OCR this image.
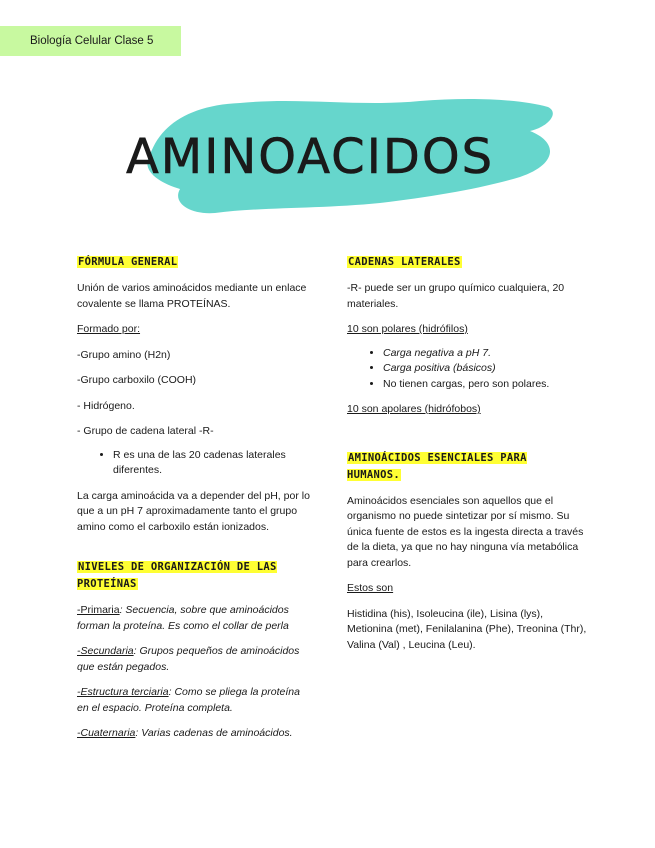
Biología Celular Clase 5
AMINOACIDOS
FÓRMULA GENERAL

Unión de varios aminoácidos mediante un enlace covalente se llama PROTEÍNAS.

Formado por:

-Grupo amino (H2n)

-Grupo carboxilo (COOH)

- Hidrógeno.

- Grupo de cadena lateral -R-

• R es una de las 20 cadenas laterales diferentes.

La carga aminoácida va a depender del pH, por lo que a un pH 7 aproximadamente tanto el grupo amino como el carboxilo están ionizados.

NIVELES DE ORGANIZACIÓN DE LAS PROTEÍNAS

-Primaria: Secuencia, sobre que aminoácidos forman la proteína. Es como el collar de perla

-Secundaria: Grupos pequeños de aminoácidos que están pegados.

-Estructura terciaria: Como se pliega la proteína en el espacio. Proteína completa.

-Cuaternaria: Varias cadenas de aminoácidos.

CADENAS LATERALES

-R- puede ser un grupo químico cualquiera, 20 materiales.

10 son polares (hidrófilos)

• Carga negativa a pH 7.
• Carga positiva (básicos)
• No tienen cargas, pero son polares.

10 son apolares (hidrófobos)

AMINOÁCIDOS ESENCIALES PARA HUMANOS.

Aminoácidos esenciales son aquellos que el organismo no puede sintetizar por sí mismo. Su única fuente de estos es la ingesta directa a través de la dieta, ya que no hay ninguna vía metabólica para crearlos.

Estos son

Histidina (his), Isoleucina (ile), Lisina (lys), Metionina (met), Fenilalanina (Phe), Treonina (Thr), Valina (Val) , Leucina (Leu).
